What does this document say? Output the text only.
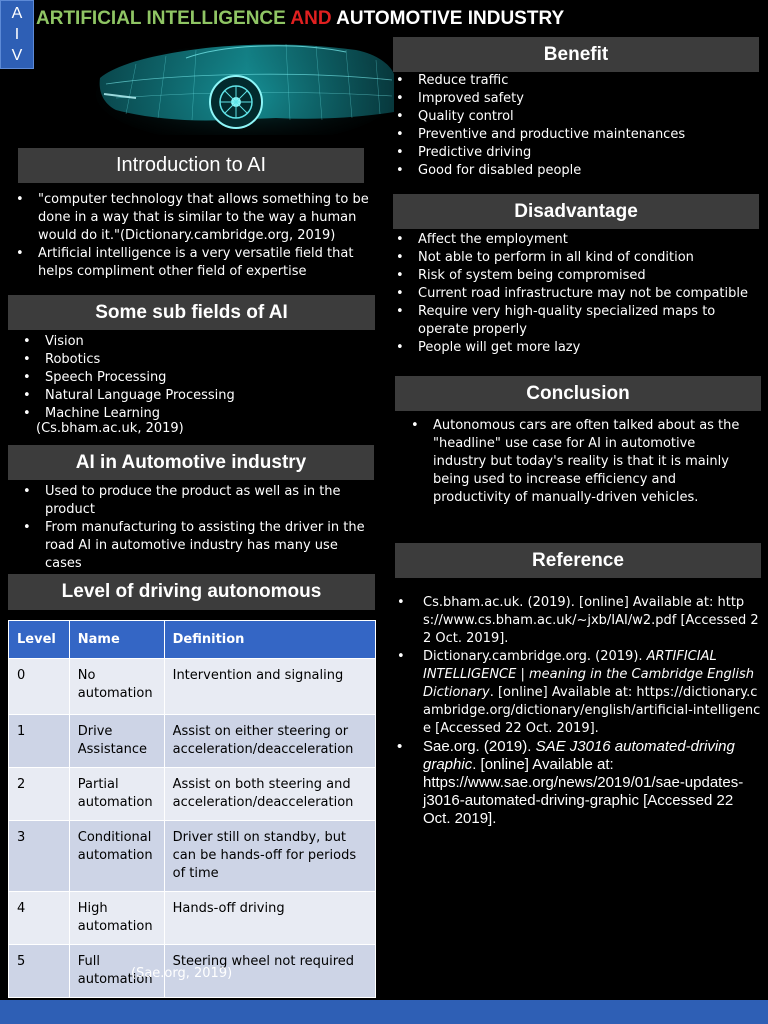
A
I
V
ARTIFICIAL INTELLIGENCE AND AUTOMOTIVE INDUSTRY
Introduction to AI
• "computer technology that allows something to be done in a way that is similar to the way a human would do it."(Dictionary.cambridge.org, 2019)
• Artificial intelligence is a very versatile field that helps compliment other field of expertise
Some sub fields of AI
• Vision
• Robotics
• Speech Processing
• Natural Language Processing
• Machine Learning
(Cs.bham.ac.uk, 2019)
AI in Automotive industry
• Used to produce the product as well as in the product
• From manufacturing to assisting the driver in the road AI in automotive industry has many use cases
Level of driving autonomous
Level	Name	Definition
0	No automation	Intervention and signaling
1	Drive Assistance	Assist on either steering or acceleration/deacceleration
2	Partial automation	Assist on both steering and acceleration/deacceleration
3	Conditional automation	Driver still on standby, but can be hands-off for periods of time
4	High automation	Hands-off driving
5	Full automation	Steering wheel not required
(Sae.org, 2019)
Benefit
• Reduce traffic
• Improved safety
• Quality control
• Preventive and productive maintenances
• Predictive driving
• Good for disabled people
Disadvantage
• Affect the employment
• Not able to perform in all kind of condition
• Risk of system being compromised
• Current road infrastructure may not be compatible
• Require very high-quality specialized maps to operate properly
• People will get more lazy
Conclusion
• Autonomous cars are often talked about as the "headline" use case for AI in automotive industry but today's reality is that it is mainly being used to increase efficiency and productivity of manually-driven vehicles.
Reference
• Cs.bham.ac.uk. (2019). [online] Available at: https://www.cs.bham.ac.uk/~jxb/IAI/w2.pdf [Accessed 22 Oct. 2019].
• Dictionary.cambridge.org. (2019). ARTIFICIAL INTELLIGENCE | meaning in the Cambridge English Dictionary. [online] Available at: https://dictionary.cambridge.org/dictionary/english/artificial-intelligence [Accessed 22 Oct. 2019].
• Sae.org. (2019). SAE J3016 automated-driving graphic. [online] Available at: https://www.sae.org/news/2019/01/sae-updates-j3016-automated-driving-graphic [Accessed 22 Oct. 2019].
